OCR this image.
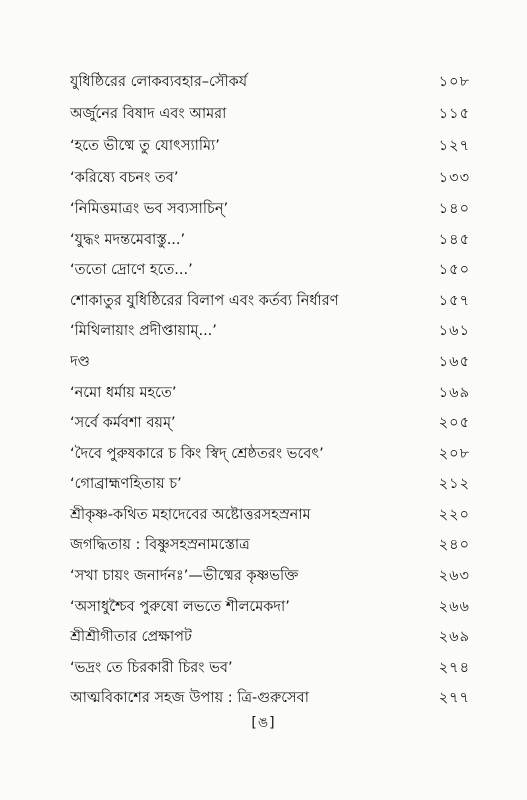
যুধিষ্ঠিরের লোকব্যবহার–সৌকর্য	১০৮
অর্জুনের বিষাদ এবং আমরা	১১৫
‘হতে ভীষ্মে তু যোৎস্যাম্যি’	১২৭
‘করিষ্যে বচনং তব’	১৩৩
‘নিমিত্তমাত্রং ভব সব্যসাচিন্’	১৪০
‘যুদ্ধং মদন্তমেবাস্তু...’	১৪৫
‘ততো দ্রোণে হতে...’	১৫০
শোকাতুর যুধিষ্ঠিরের বিলাপ এবং কর্তব্য নির্ধারণ	১৫৭
‘মিথিলায়াং প্রদীপ্তায়াম্...’	১৬১
দণ্ড	১৬৫
‘নমো ধর্মায় মহতে’	১৬৯
‘সর্বে কর্মবশা বয়ম্’	২০৫
‘দৈবে পুরুষকারে চ কিং স্বিদ্ শ্রেষ্ঠতরং ভবেৎ’	২০৮
‘গোব্রাহ্মণহিতায় চ’	২১২
শ্রীকৃষ্ণ-কথিত মহাদেবের অষ্টোত্তরসহস্রনাম	২২০
জগদ্ধিতায় : বিষ্ণুসহস্রনামস্তোত্র	২৪০
‘সখা চায়ং জনার্দনঃ’—ভীষ্মের কৃষ্ণভক্তি	২৬৩
‘অসাধুশ্চৈব পুরুষো লভতে শীলমেকদা’	২৬৬
শ্রীশ্রীগীতার প্রেক্ষাপট	২৬৯
‘ভদ্রং তে চিরকারী চিরং ভব’	২৭৪
আত্মবিকাশের সহজ উপায় : ত্রি-গুরুসেবা	২৭৭
[ঙ]
